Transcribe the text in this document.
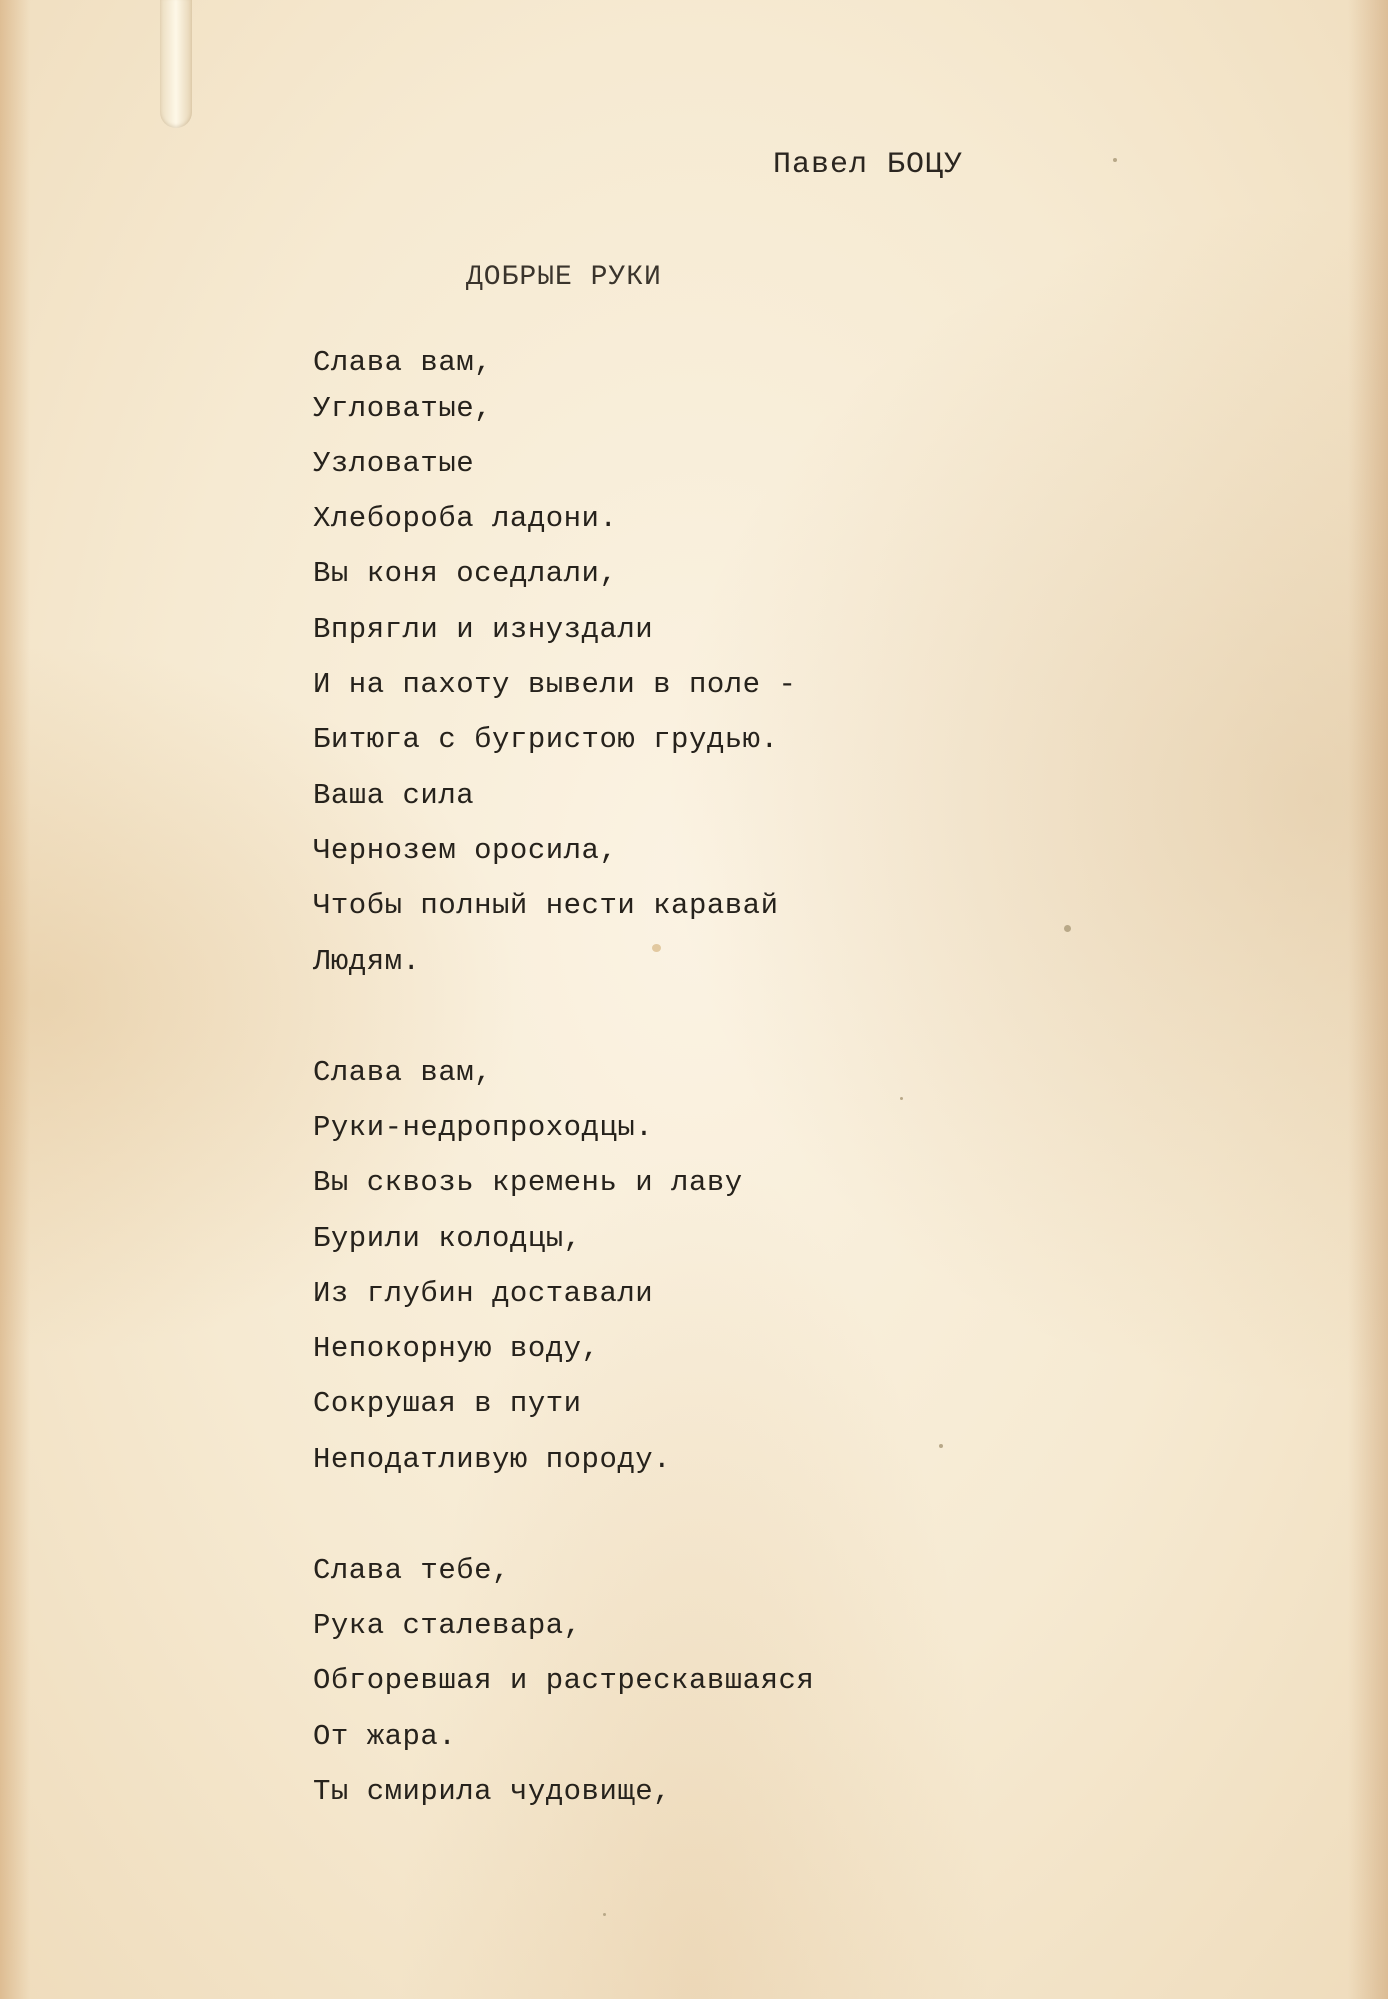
Павел БОЦУ
ДОБРЫЕ РУКИ
Слава вам,
Угловатые,
Узловатые
Хлебороба ладони.
Вы коня оседлали,
Впрягли и изнуздали
И на пахоту вывели в поле -
Битюга с бугристою грудью.
Ваша сила
Чернозем оросила,
Чтобы полный нести каравай
Людям.
Слава вам,
Руки-недропроходцы.
Вы сквозь кремень и лаву
Бурили колодцы,
Из глубин доставали
Непокорную воду,
Сокрушая в пути
Неподатливую породу.
Слава тебе,
Рука сталевара,
Обгоревшая и растрескавшаяся
От жара.
Ты смирила чудовище,
